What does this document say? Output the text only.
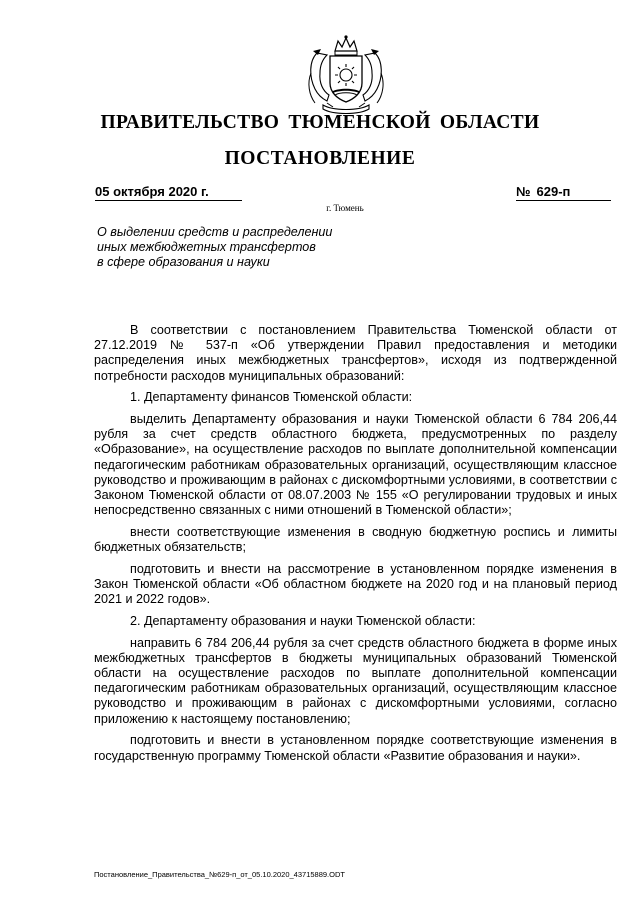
ПРАВИТЕЛЬСТВО ТЮМЕНСКОЙ ОБЛАСТИ
ПОСТАНОВЛЕНИЕ
05 октября 2020 г.	№ 629-п
г. Тюмень
О выделении средств и распределении
иных межбюджетных трансфертов
в сфере образования и науки

В соответствии с постановлением Правительства Тюменской области от 27.12.2019 № 537-п «Об утверждении Правил предоставления и методики распределения иных межбюджетных трансфертов», исходя из подтвержденной потребности расходов муниципальных образований:

1. Департаменту финансов Тюменской области:

выделить Департаменту образования и науки Тюменской области 6 784 206,44 рубля за счет средств областного бюджета, предусмотренных по разделу «Образование», на осуществление расходов по выплате дополнительной компенсации педагогическим работникам образовательных организаций, осуществляющим классное руководство и проживающим в районах с дискомфортными условиями, в соответствии с Законом Тюменской области от 08.07.2003 № 155 «О регулировании трудовых и иных непосредственно связанных с ними отношений в Тюменской области»;

внести соответствующие изменения в сводную бюджетную роспись и лимиты бюджетных обязательств;

подготовить и внести на рассмотрение в установленном порядке изменения в Закон Тюменской области «Об областном бюджете на 2020 год и на плановый период 2021 и 2022 годов».

2. Департаменту образования и науки Тюменской области:

направить 6 784 206,44 рубля за счет средств областного бюджета в форме иных межбюджетных трансфертов в бюджеты муниципальных образований Тюменской области на осуществление расходов по выплате дополнительной компенсации педагогическим работникам образовательных организаций, осуществляющим классное руководство и проживающим в районах с дискомфортными условиями, согласно приложению к настоящему постановлению;

подготовить и внести в установленном порядке соответствующие изменения в государственную программу Тюменской области «Развитие образования и науки».

Постановление_Правительства_№629-п_от_05.10.2020_43715889.ODT
